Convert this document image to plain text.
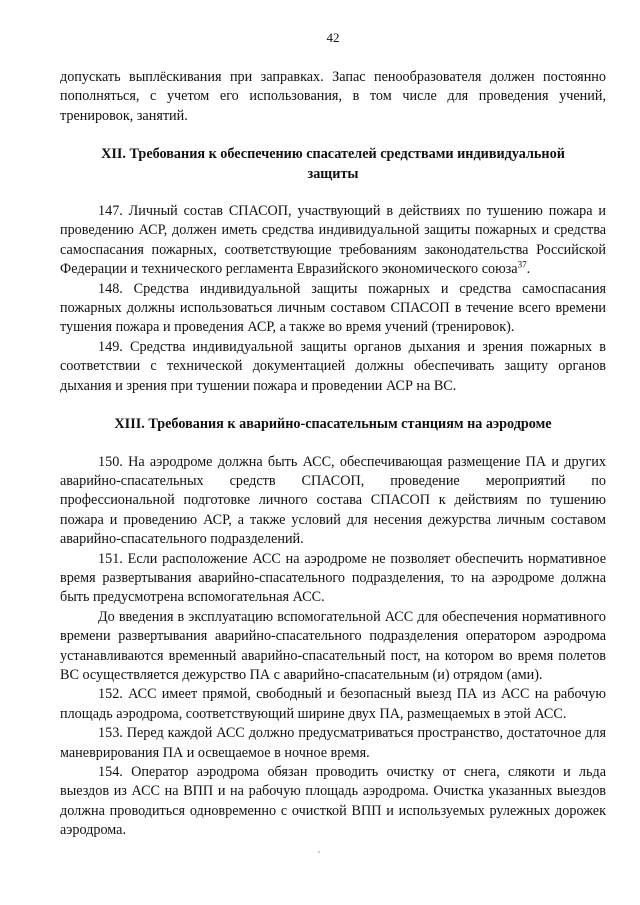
42

допускать выплёскивания при заправках. Запас пенообразователя должен постоянно пополняться, с учетом его использования, в том числе для проведения учений, тренировок, занятий.

XII. Требования к обеспечению спасателей средствами индивидуальной защиты

147. Личный состав СПАСОП, участвующий в действиях по тушению пожара и проведению АСР, должен иметь средства индивидуальной защиты пожарных и средства самоспасания пожарных, соответствующие требованиям законодательства Российской Федерации и технического регламента Евразийского экономического союза$^{37}$.

148. Средства индивидуальной защиты пожарных и средства самоспасания пожарных должны использоваться личным составом СПАСОП в течение всего времени тушения пожара и проведения АСР, а также во время учений (тренировок).

149. Средства индивидуальной защиты органов дыхания и зрения пожарных в соответствии с технической документацией должны обеспечивать защиту органов дыхания и зрения при тушении пожара и проведении АСР на ВС.

XIII. Требования к аварийно-спасательным станциям на аэродроме

150. На аэродроме должна быть АСС, обеспечивающая размещение ПА и других аварийно-спасательных средств СПАСОП, проведение мероприятий по профессиональной подготовке личного состава СПАСОП к действиям по тушению пожара и проведению АСР, а также условий для несения дежурства личным составом аварийно-спасательного подразделений.

151. Если расположение АСС на аэродроме не позволяет обеспечить нормативное время развертывания аварийно-спасательного подразделения, то на аэродроме должна быть предусмотрена вспомогательная АСС.

До введения в эксплуатацию вспомогательной АСС для обеспечения нормативного времени развертывания аварийно-спасательного подразделения оператором аэродрома устанавливаются временный аварийно-спасательный пост, на котором во время полетов ВС осуществляется дежурство ПА с аварийно-спасательным (и) отрядом (ами).

152. АСС имеет прямой, свободный и безопасный выезд ПА из АСС на рабочую площадь аэродрома, соответствующий ширине двух ПА, размещаемых в этой АСС.

153. Перед каждой АСС должно предусматриваться пространство, достаточное для маневрирования ПА и освещаемое в ночное время.

154. Оператор аэродрома обязан проводить очистку от снега, слякоти и льда выездов из АСС на ВПП и на рабочую площадь аэродрома. Очистка указанных выездов должна проводиться одновременно с очисткой ВПП и используемых рулежных дорожек аэродрома.
